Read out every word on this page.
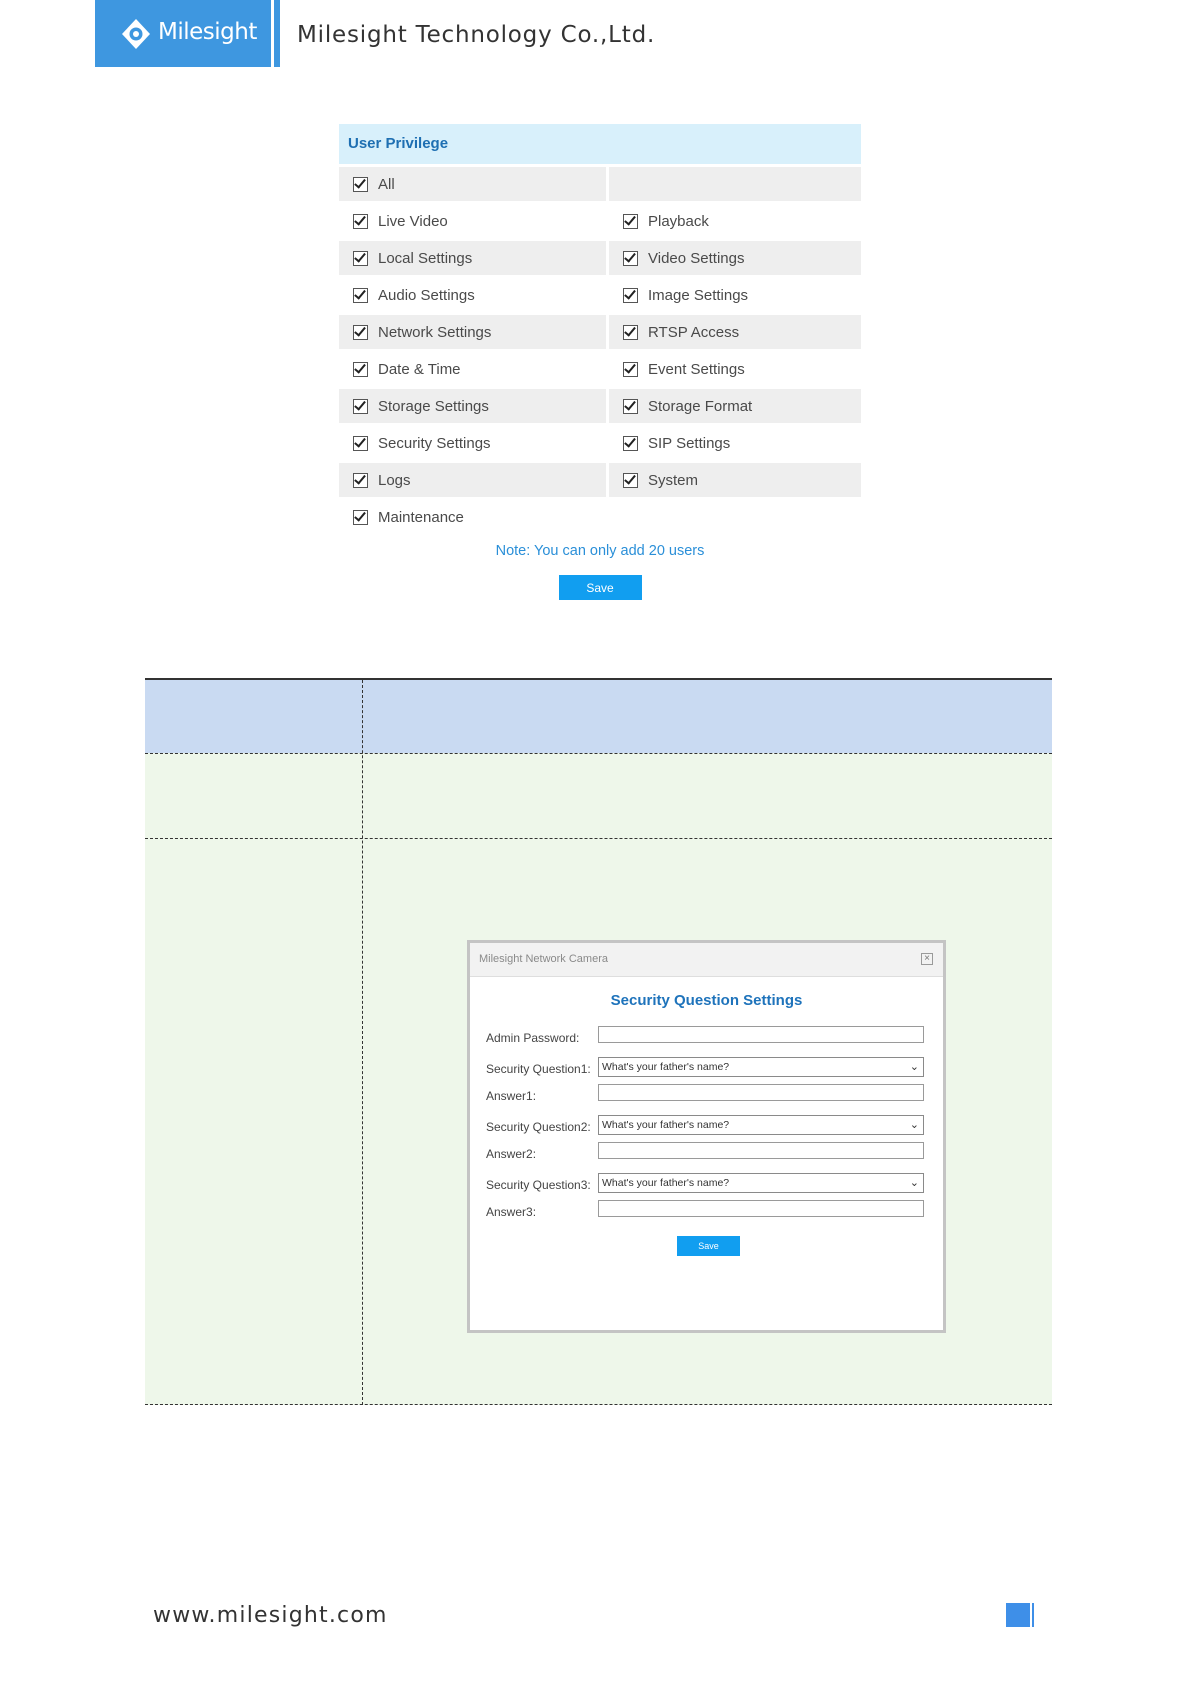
Milesight Milesight Technology Co.,Ltd.
User Privilege
All
Live Video	Playback
Local Settings	Video Settings
Audio Settings	Image Settings
Network Settings	RTSP Access
Date & Time	Event Settings
Storage Settings	Storage Format
Security Settings	SIP Settings
Logs	System
Maintenance
Note: You can only add 20 users
Save
Milesight Network Camera	×
Security Question Settings
Admin Password:
Security Question1:	What's your father's name?	⌄
Answer1:
Security Question2:	What's your father's name?	⌄
Answer2:
Security Question3:	What's your father's name?	⌄
Answer3:
Save
www.milesight.com
